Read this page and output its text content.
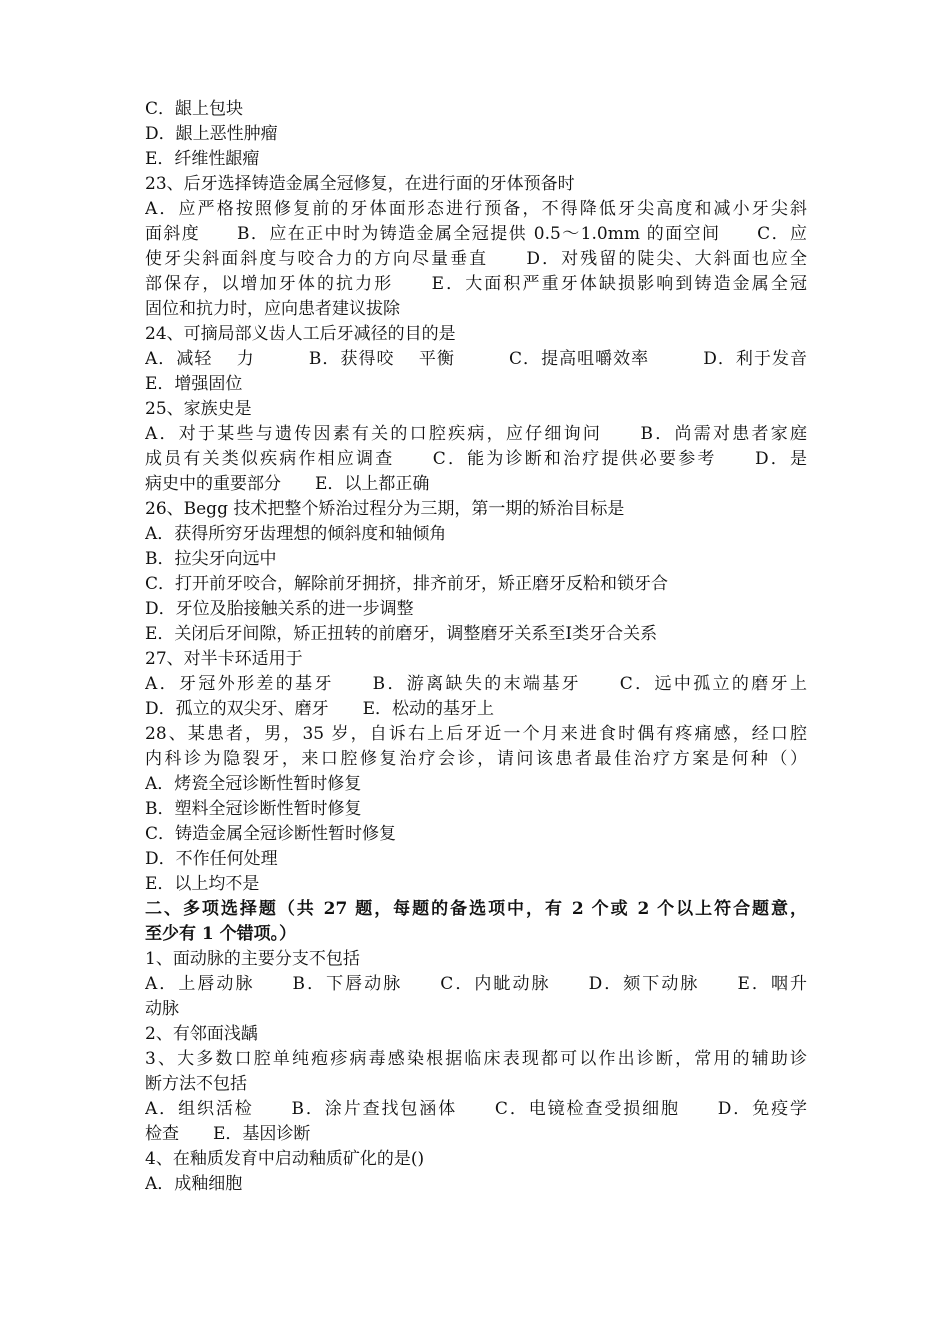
C．龈上包块
D．龈上恶性肿瘤
E．纤维性龈瘤
23、后牙选择铸造金属全冠修复，在进行面的牙体预备时
A．应严格按照修复前的牙体面形态进行预备，不得降低牙尖高度和减小牙尖斜
面斜度　　B．应在正中时为铸造金属全冠提供 0.5～1.0mm 的面空间　　C．应
使牙尖斜面斜度与咬合力的方向尽量垂直　　D．对残留的陡尖、大斜面也应全
部保存，以增加牙体的抗力形　　E．大面积严重牙体缺损影响到铸造金属全冠
固位和抗力时，应向患者建议拔除
24、可摘局部义齿人工后牙减径的目的是
A．减轻　 力　　　B．获得咬　 平衡　　　C．提高咀嚼效率　　　D．利于发音
E．增强固位
25、家族史是
A．对于某些与遗传因素有关的口腔疾病，应仔细询问　　B．尚需对患者家庭
成员有关类似疾病作相应调查　　C．能为诊断和治疗提供必要参考　　D．是
病史中的重要部分　　E．以上都正确
26、Begg 技术把整个矫治过程分为三期，第一期的矫治目标是
A．获得所穷牙齿理想的倾斜度和轴倾角
B．拉尖牙向远中
C．打开前牙咬合，解除前牙拥挤，排齐前牙，矫正磨牙反粭和锁牙合
D．牙位及胎接触关系的进一步调整
E．关闭后牙间隙，矫正扭转的前磨牙，调整磨牙关系至Ⅰ类牙合关系
27、对半卡环适用于
A．牙冠外形差的基牙　　B．游离缺失的末端基牙　　C．远中孤立的磨牙上
D．孤立的双尖牙、磨牙　　E．松动的基牙上
28、某患者，男，35 岁，自诉右上后牙近一个月来进食时偶有疼痛感，经口腔
内科诊为隐裂牙，来口腔修复治疗会诊，请问该患者最佳治疗方案是何种（）
A．烤瓷全冠诊断性暂时修复
B．塑料全冠诊断性暂时修复
C．铸造金属全冠诊断性暂时修复
D．不作任何处理
E．以上均不是
二、多项选择题（共 27 题，每题的备选项中，有 2 个或 2 个以上符合题意，
至少有 1 个错项。）
1、面动脉的主要分支不包括
A．上唇动脉　　B．下唇动脉　　C．内眦动脉　　D．颏下动脉　　E．咽升
动脉
2、有邻面浅龋
3、大多数口腔单纯疱疹病毒感染根据临床表现都可以作出诊断，常用的辅助诊
断方法不包括
A．组织活检　　B．涂片查找包涵体　　C．电镜检查受损细胞　　D．免疫学
检查　　E．基因诊断
4、在釉质发育中启动釉质矿化的是()
A．成釉细胞
